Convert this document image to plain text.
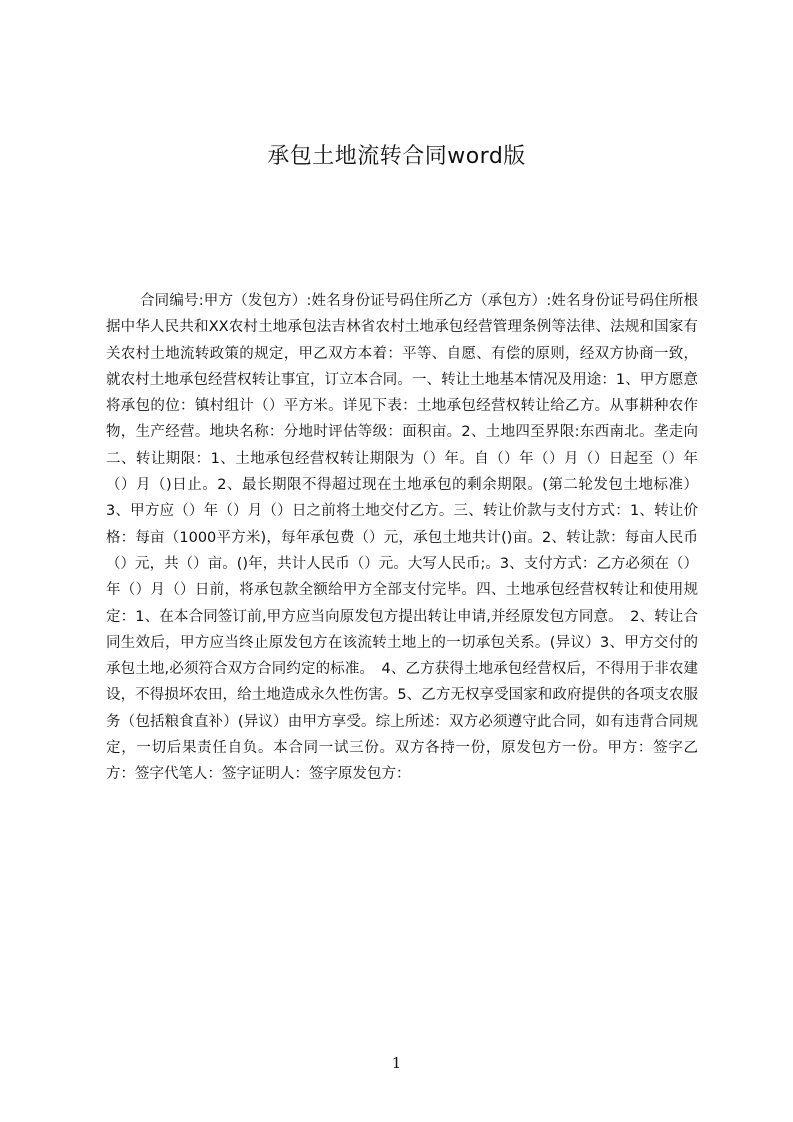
承包土地流转合同word版

合同编号:甲方（发包方）:姓名身份证号码住所乙方（承包方）:姓名身份证号码住所根据中华人民共和XX农村土地承包法吉林省农村土地承包经营管理条例等法律、法规和国家有关农村土地流转政策的规定，甲乙双方本着：平等、自愿、有偿的原则，经双方协商一致，就农村土地承包经营权转让事宜，订立本合同。一、转让土地基本情况及用途：1、甲方愿意将承包的位：镇村组计（）平方米。详见下表：土地承包经营权转让给乙方。从事耕种农作物，生产经营。地块名称：分地时评估等级：面积亩。2、土地四至界限:东西南北。垄走向　二、转让期限：1、土地承包经营权转让期限为（）年。自（）年（）月（）日起至（）年（）月（)日止。2、最长期限不得超过现在土地承包的剩余期限。(第二轮发包土地标准）3、甲方应（）年（）月（）日之前将土地交付乙方。三、转让价款与支付方式：1、转让价格：每亩（1000平方米)，每年承包费（）元，承包土地共计()亩。2、转让款：每亩人民币（）元，共（）亩。()年，共计人民币（）元。大写人民币;。3、支付方式：乙方必须在（）年（）月（）日前，将承包款全额给甲方全部支付完毕。四、土地承包经营权转让和使用规定：1、在本合同签订前,甲方应当向原发包方提出转让申请,并经原发包方同意。　2、转让合同生效后，甲方应当终止原发包方在该流转土地上的一切承包关系。(异议）3、甲方交付的承包土地,必须符合双方合同约定的标准。　4、乙方获得土地承包经营权后，不得用于非农建设，不得损坏农田，给土地造成永久性伤害。5、乙方无权享受国家和政府提供的各项支农服务（包括粮食直补）(异议）由甲方享受。综上所述：双方必须遵守此合同，如有违背合同规定，一切后果责任自负。本合同一试三份。双方各持一份，原发包方一份。甲方：签字乙方：签字代笔人：签字证明人：签字原发包方：

1
